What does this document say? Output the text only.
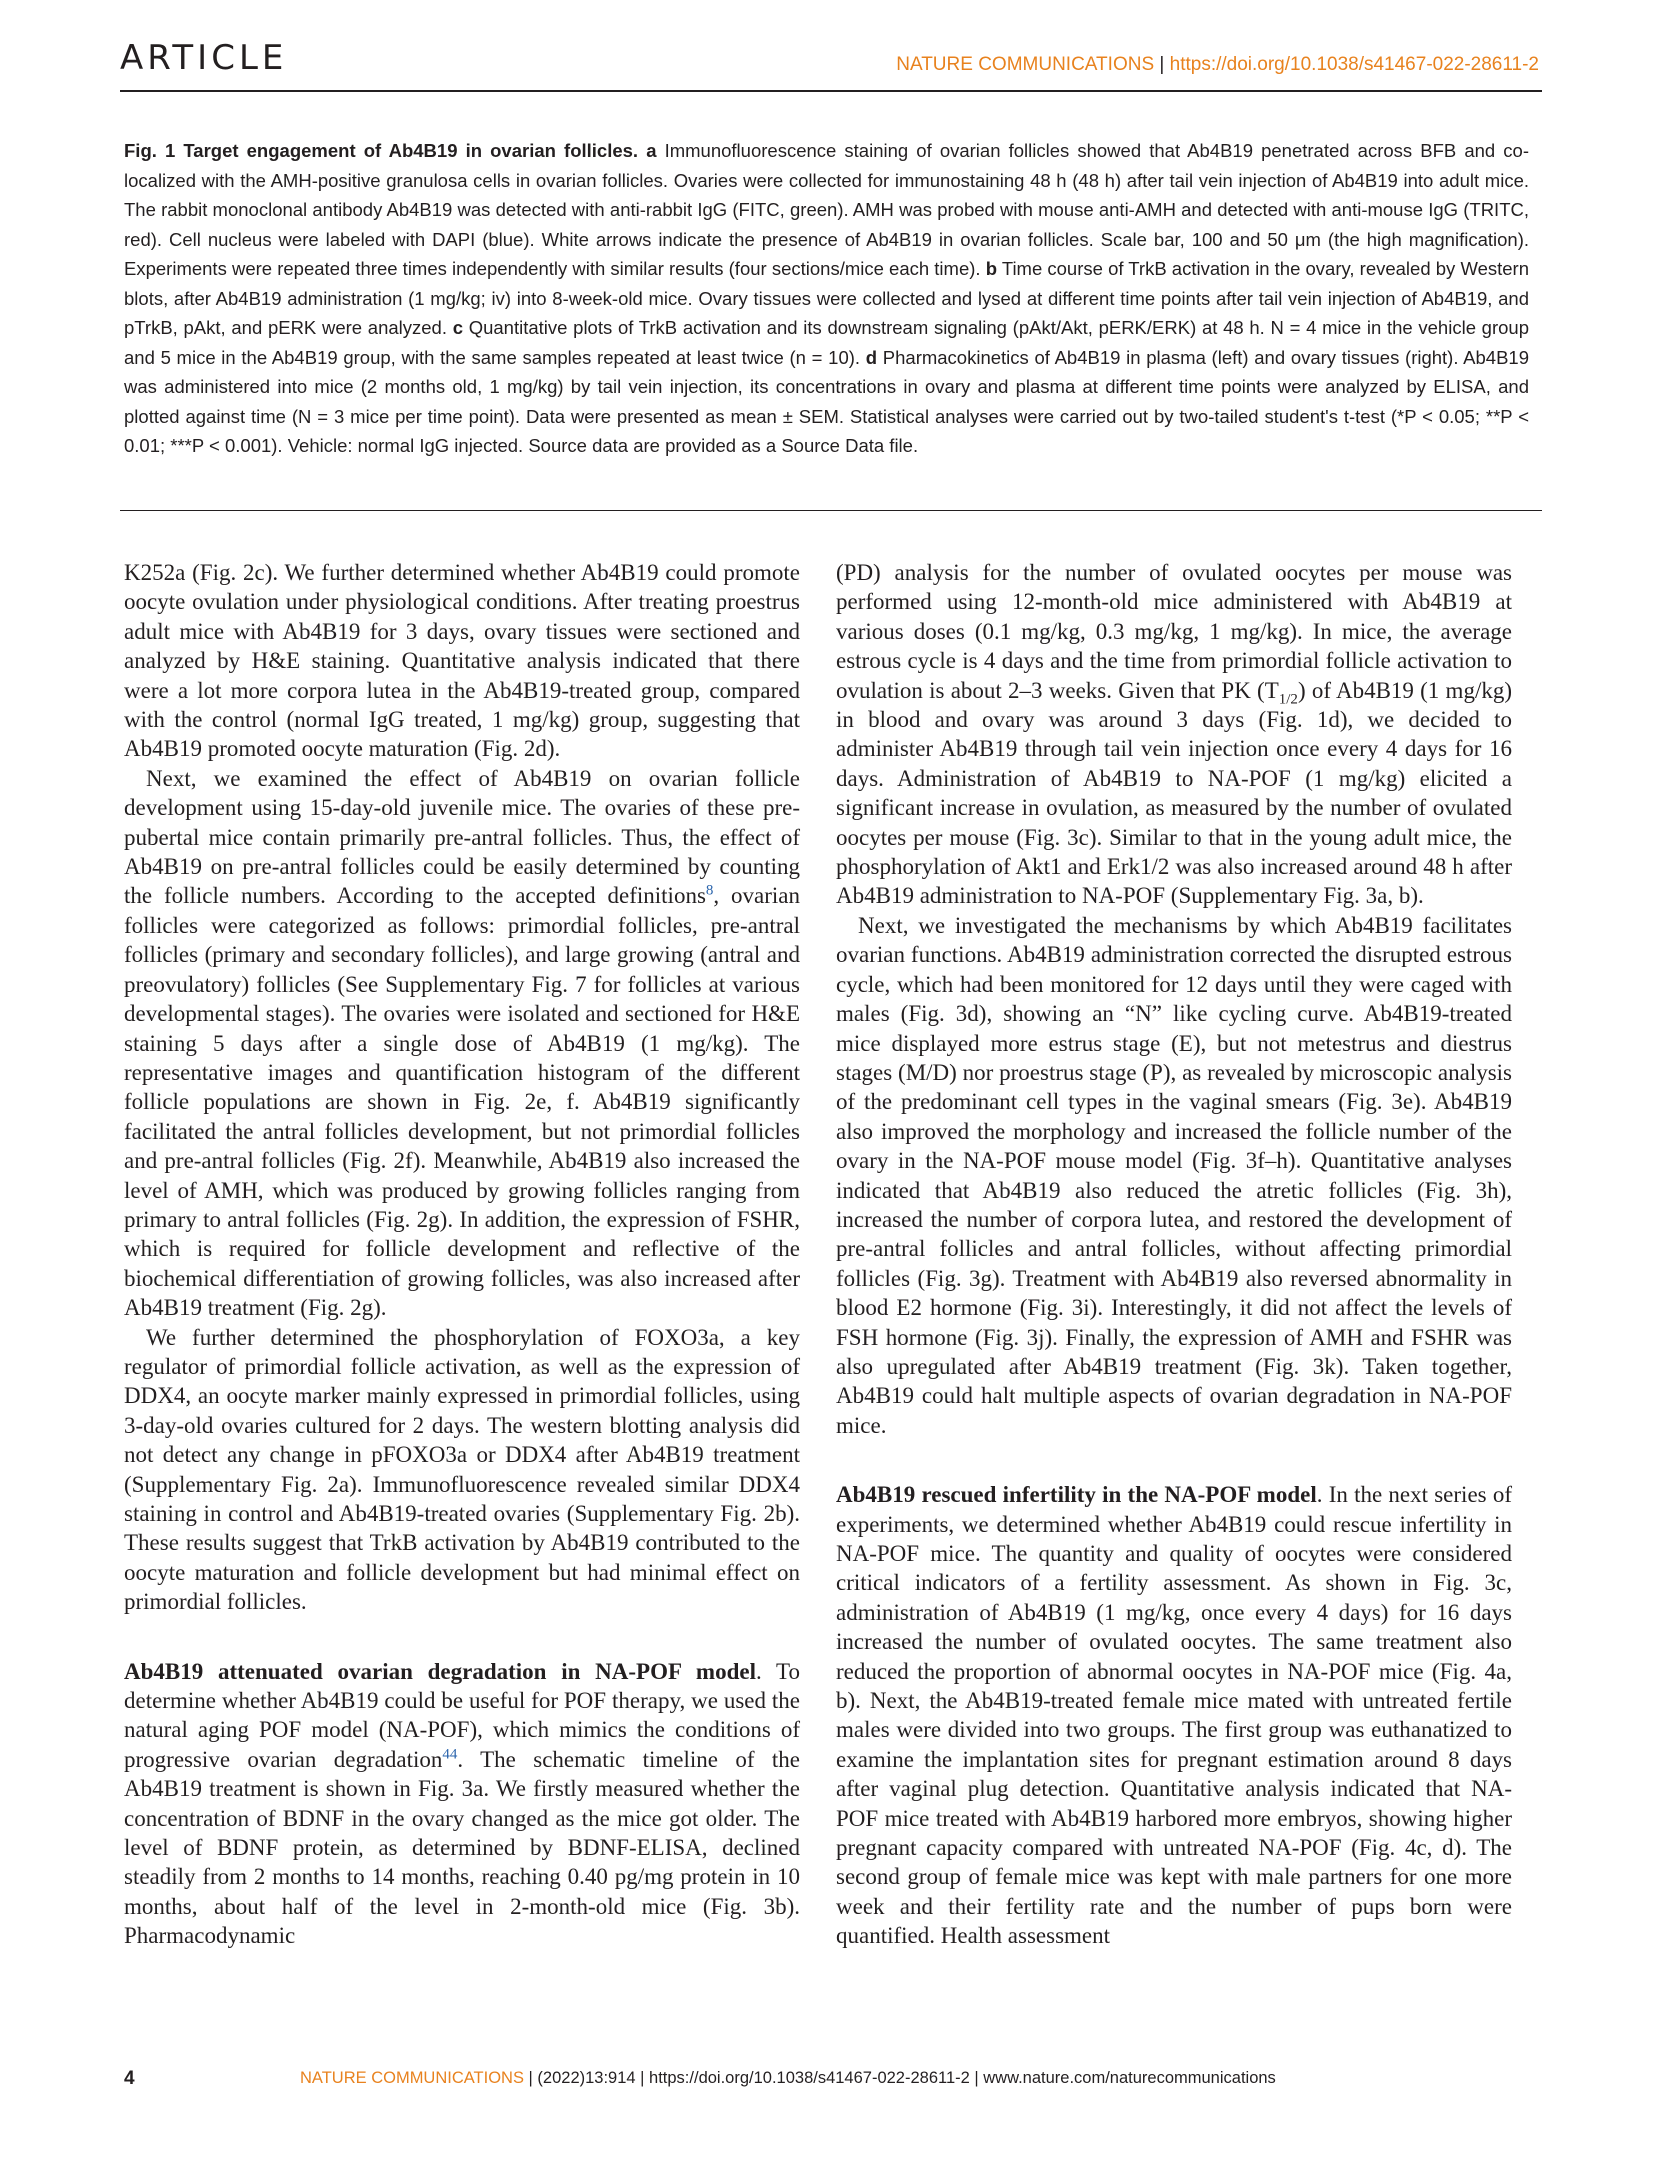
ARTICLE	NATURE COMMUNICATIONS | https://doi.org/10.1038/s41467-022-28611-2
Fig. 1 Target engagement of Ab4B19 in ovarian follicles. a Immunofluorescence staining of ovarian follicles showed that Ab4B19 penetrated across BFB and co-localized with the AMH-positive granulosa cells in ovarian follicles. Ovaries were collected for immunostaining 48 h (48 h) after tail vein injection of Ab4B19 into adult mice. The rabbit monoclonal antibody Ab4B19 was detected with anti-rabbit IgG (FITC, green). AMH was probed with mouse anti-AMH and detected with anti-mouse IgG (TRITC, red). Cell nucleus were labeled with DAPI (blue). White arrows indicate the presence of Ab4B19 in ovarian follicles. Scale bar, 100 and 50 μm (the high magnification). Experiments were repeated three times independently with similar results (four sections/mice each time). b Time course of TrkB activation in the ovary, revealed by Western blots, after Ab4B19 administration (1 mg/kg; iv) into 8-week-old mice. Ovary tissues were collected and lysed at different time points after tail vein injection of Ab4B19, and pTrkB, pAkt, and pERK were analyzed. c Quantitative plots of TrkB activation and its downstream signaling (pAkt/Akt, pERK/ERK) at 48 h. N = 4 mice in the vehicle group and 5 mice in the Ab4B19 group, with the same samples repeated at least twice (n = 10). d Pharmacokinetics of Ab4B19 in plasma (left) and ovary tissues (right). Ab4B19 was administered into mice (2 months old, 1 mg/kg) by tail vein injection, its concentrations in ovary and plasma at different time points were analyzed by ELISA, and plotted against time (N = 3 mice per time point). Data were presented as mean ± SEM. Statistical analyses were carried out by two-tailed student's t-test (*P < 0.05; **P < 0.01; ***P < 0.001). Vehicle: normal IgG injected. Source data are provided as a Source Data file.

K252a (Fig. 2c). We further determined whether Ab4B19 could promote oocyte ovulation under physiological conditions. After treating proestrus adult mice with Ab4B19 for 3 days, ovary tissues were sectioned and analyzed by H&E staining. Quantitative analysis indicated that there were a lot more corpora lutea in the Ab4B19-treated group, compared with the control (normal IgG treated, 1 mg/kg) group, suggesting that Ab4B19 promoted oocyte maturation (Fig. 2d).

Next, we examined the effect of Ab4B19 on ovarian follicle development using 15-day-old juvenile mice. The ovaries of these pre-pubertal mice contain primarily pre-antral follicles. Thus, the effect of Ab4B19 on pre-antral follicles could be easily determined by counting the follicle numbers. According to the accepted definitions$^8$, ovarian follicles were categorized as follows: primordial follicles, pre-antral follicles (primary and secondary follicles), and large growing (antral and preovulatory) follicles (See Supplementary Fig. 7 for follicles at various developmental stages). The ovaries were isolated and sectioned for H&E staining 5 days after a single dose of Ab4B19 (1 mg/kg). The representative images and quantification histogram of the different follicle populations are shown in Fig. 2e, f. Ab4B19 significantly facilitated the antral follicles development, but not primordial follicles and pre-antral follicles (Fig. 2f). Meanwhile, Ab4B19 also increased the level of AMH, which was produced by growing follicles ranging from primary to antral follicles (Fig. 2g). In addition, the expression of FSHR, which is required for follicle development and reflective of the biochemical differentiation of growing follicles, was also increased after Ab4B19 treatment (Fig. 2g).

We further determined the phosphorylation of FOXO3a, a key regulator of primordial follicle activation, as well as the expression of DDX4, an oocyte marker mainly expressed in primordial follicles, using 3-day-old ovaries cultured for 2 days. The western blotting analysis did not detect any change in pFOXO3a or DDX4 after Ab4B19 treatment (Supplementary Fig. 2a). Immunofluorescence revealed similar DDX4 staining in control and Ab4B19-treated ovaries (Supplementary Fig. 2b). These results suggest that TrkB activation by Ab4B19 contributed to the oocyte maturation and follicle development but had minimal effect on primordial follicles.

Ab4B19 attenuated ovarian degradation in NA-POF model. To determine whether Ab4B19 could be useful for POF therapy, we used the natural aging POF model (NA-POF), which mimics the conditions of progressive ovarian degradation$^{44}$. The schematic timeline of the Ab4B19 treatment is shown in Fig. 3a. We firstly measured whether the concentration of BDNF in the ovary changed as the mice got older. The level of BDNF protein, as determined by BDNF-ELISA, declined steadily from 2 months to 14 months, reaching 0.40 pg/mg protein in 10 months, about half of the level in 2-month-old mice (Fig. 3b). Pharmacodynamic

(PD) analysis for the number of ovulated oocytes per mouse was performed using 12-month-old mice administered with Ab4B19 at various doses (0.1 mg/kg, 0.3 mg/kg, 1 mg/kg). In mice, the average estrous cycle is 4 days and the time from primordial follicle activation to ovulation is about 2–3 weeks. Given that PK $(T_{1/2})$ of Ab4B19 (1 mg/kg) in blood and ovary was around 3 days (Fig. 1d), we decided to administer Ab4B19 through tail vein injection once every 4 days for 16 days. Administration of Ab4B19 to NA-POF (1 mg/kg) elicited a significant increase in ovulation, as measured by the number of ovulated oocytes per mouse (Fig. 3c). Similar to that in the young adult mice, the phosphorylation of Akt1 and Erk1/2 was also increased around 48 h after Ab4B19 administration to NA-POF (Supplementary Fig. 3a, b).

Next, we investigated the mechanisms by which Ab4B19 facilitates ovarian functions. Ab4B19 administration corrected the disrupted estrous cycle, which had been monitored for 12 days until they were caged with males (Fig. 3d), showing an “N” like cycling curve. Ab4B19-treated mice displayed more estrus stage (E), but not metestrus and diestrus stages (M/D) nor proestrus stage (P), as revealed by microscopic analysis of the predominant cell types in the vaginal smears (Fig. 3e). Ab4B19 also improved the morphology and increased the follicle number of the ovary in the NA-POF mouse model (Fig. 3f–h). Quantitative analyses indicated that Ab4B19 also reduced the atretic follicles (Fig. 3h), increased the number of corpora lutea, and restored the development of pre-antral follicles and antral follicles, without affecting primordial follicles (Fig. 3g). Treatment with Ab4B19 also reversed abnormality in blood E2 hormone (Fig. 3i). Interestingly, it did not affect the levels of FSH hormone (Fig. 3j). Finally, the expression of AMH and FSHR was also upregulated after Ab4B19 treatment (Fig. 3k). Taken together, Ab4B19 could halt multiple aspects of ovarian degradation in NA-POF mice.

Ab4B19 rescued infertility in the NA-POF model. In the next series of experiments, we determined whether Ab4B19 could rescue infertility in NA-POF mice. The quantity and quality of oocytes were considered critical indicators of a fertility assessment. As shown in Fig. 3c, administration of Ab4B19 (1 mg/kg, once every 4 days) for 16 days increased the number of ovulated oocytes. The same treatment also reduced the proportion of abnormal oocytes in NA-POF mice (Fig. 4a, b). Next, the Ab4B19-treated female mice mated with untreated fertile males were divided into two groups. The first group was euthanatized to examine the implantation sites for pregnant estimation around 8 days after vaginal plug detection. Quantitative analysis indicated that NA-POF mice treated with Ab4B19 harbored more embryos, showing higher pregnant capacity compared with untreated NA-POF (Fig. 4c, d). The second group of female mice was kept with male partners for one more week and their fertility rate and the number of pups born were quantified. Health assessment

4	NATURE COMMUNICATIONS | (2022)13:914 | https://doi.org/10.1038/s41467-022-28611-2 | www.nature.com/naturecommunications
